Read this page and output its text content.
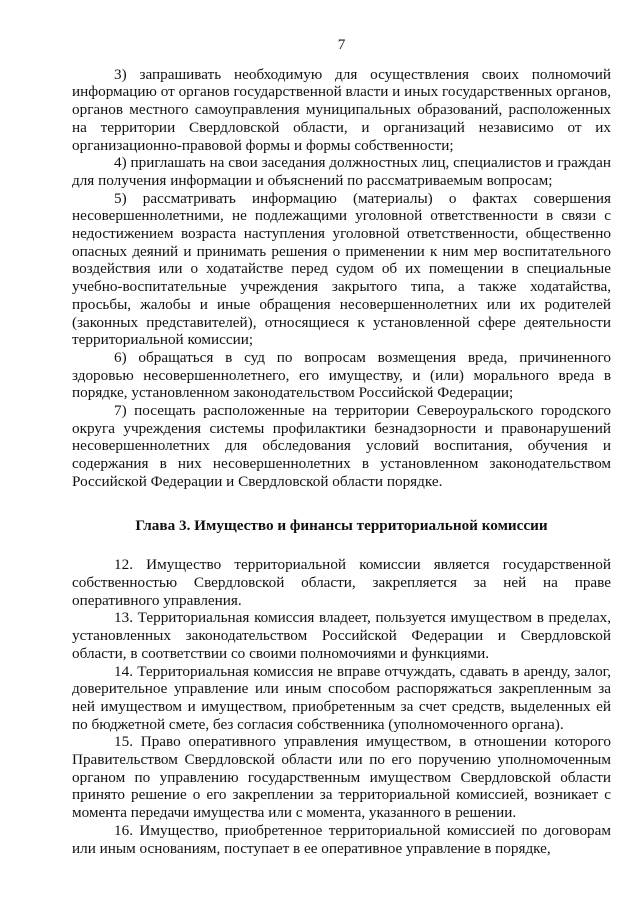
7

3) запрашивать необходимую для осуществления своих полномочий информацию от органов государственной власти и иных государственных органов, органов местного самоуправления муниципальных образований, расположенных на территории Свердловской области, и организаций независимо от их организационно-правовой формы и формы собственности;

4) приглашать на свои заседания должностных лиц, специалистов и граждан для получения информации и объяснений по рассматриваемым вопросам;

5) рассматривать информацию (материалы) о фактах совершения несовершеннолетними, не подлежащими уголовной ответственности в связи с недостижением возраста наступления уголовной ответственности, общественно опасных деяний и принимать решения о применении к ним мер воспитательного воздействия или о ходатайстве перед судом об их помещении в специальные учебно-воспитательные учреждения закрытого типа, а также ходатайства, просьбы, жалобы и иные обращения несовершеннолетних или их родителей (законных представителей), относящиеся к установленной сфере деятельности территориальной комиссии;

6) обращаться в суд по вопросам возмещения вреда, причиненного здоровью несовершеннолетнего, его имуществу, и (или) морального вреда в порядке, установленном законодательством Российской Федерации;

7) посещать расположенные на территории Североуральского городского округа учреждения системы профилактики безнадзорности и правонарушений несовершеннолетних для обследования условий воспитания, обучения и содержания в них несовершеннолетних в установленном законодательством Российской Федерации и Свердловской области порядке.

Глава 3. Имущество и финансы территориальной комиссии

12. Имущество территориальной комиссии является государственной собственностью Свердловской области, закрепляется за ней на праве оперативного управления.

13. Территориальная комиссия владеет, пользуется имуществом в пределах, установленных законодательством Российской Федерации и Свердловской области, в соответствии со своими полномочиями и функциями.

14. Территориальная комиссия не вправе отчуждать, сдавать в аренду, залог, доверительное управление или иным способом распоряжаться закрепленным за ней имуществом и имуществом, приобретенным за счет средств, выделенных ей по бюджетной смете, без согласия собственника (уполномоченного органа).

15. Право оперативного управления имуществом, в отношении которого Правительством Свердловской области или по его поручению уполномоченным органом по управлению государственным имуществом Свердловской области принято решение о его закреплении за территориальной комиссией, возникает с момента передачи имущества или с момента, указанного в решении.

16. Имущество, приобретенное территориальной комиссией по договорам или иным основаниям, поступает в ее оперативное управление в порядке,
